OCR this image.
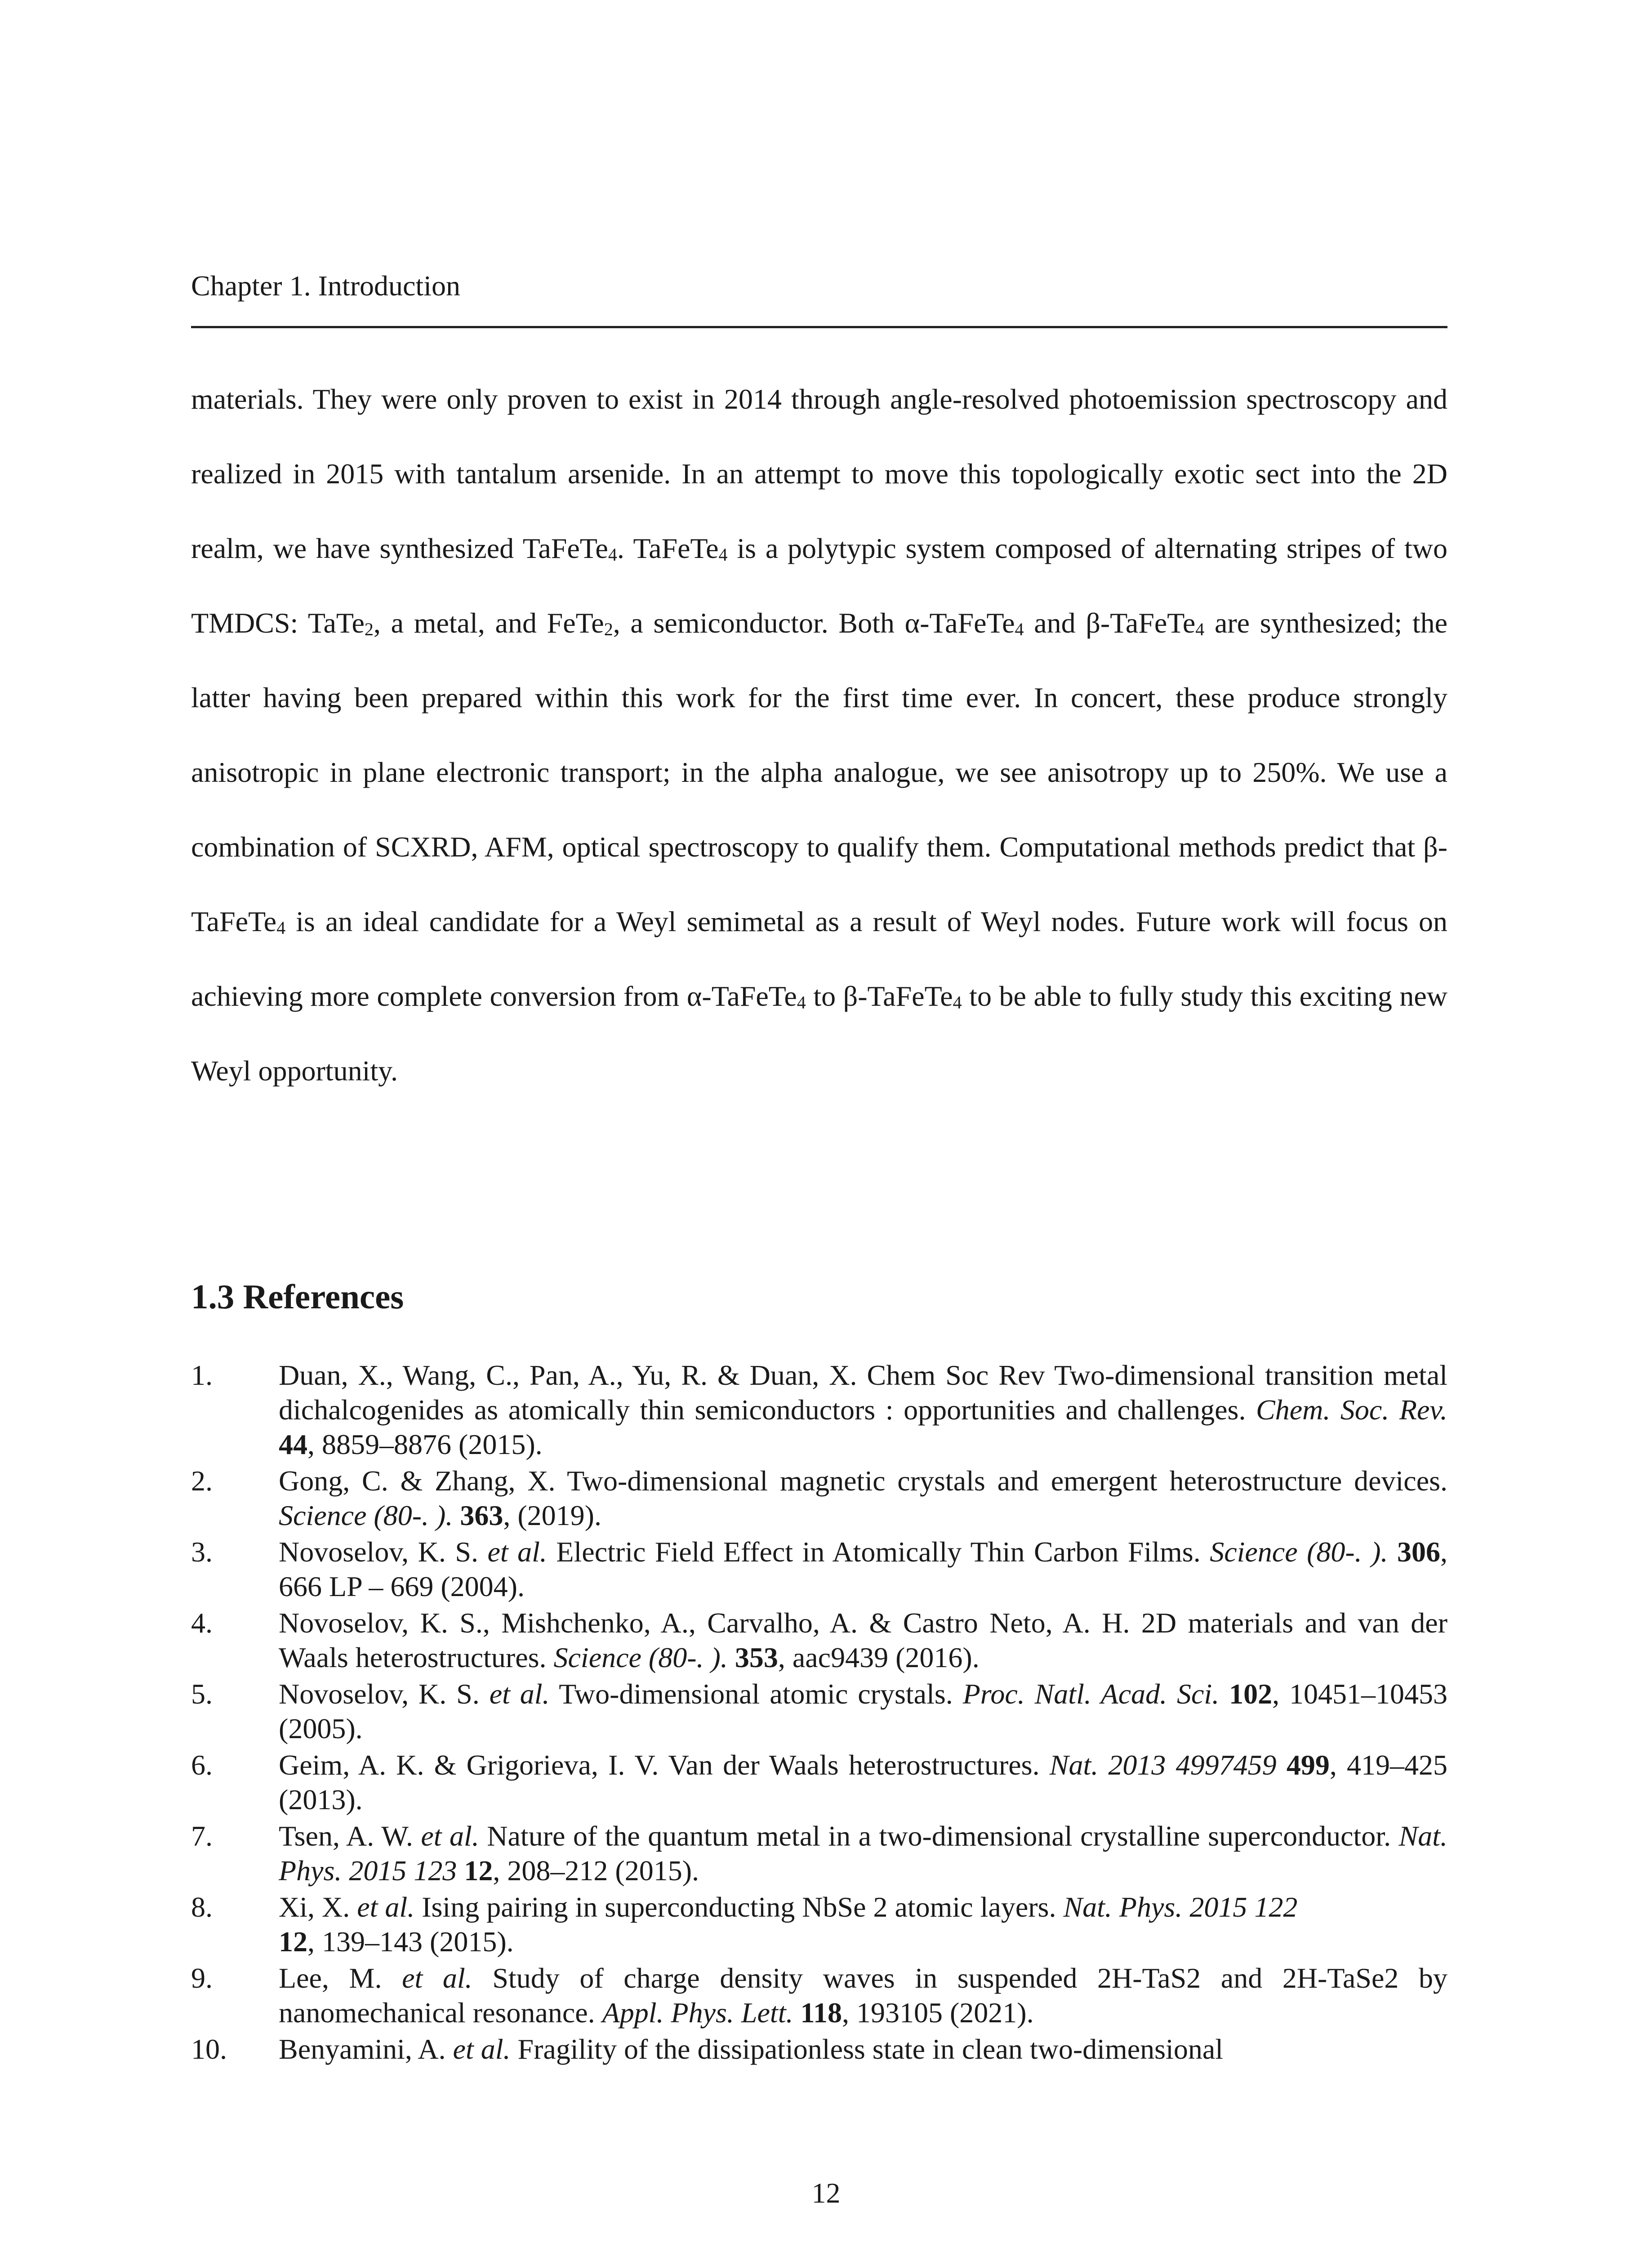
Chapter 1. Introduction

materials. They were only proven to exist in 2014 through angle-resolved photoemission spectroscopy and realized in 2015 with tantalum arsenide. In an attempt to move this topologically exotic sect into the 2D realm, we have synthesized TaFeTe$_4$. TaFeTe$_4$ is a polytypic system composed of alternating stripes of two TMDCS: TaTe$_2$, a metal, and FeTe$_2$, a semiconductor. Both α-TaFeTe$_4$ and β-TaFeTe$_4$ are synthesized; the latter having been prepared within this work for the first time ever. In concert, these produce strongly anisotropic in plane electronic transport; in the alpha analogue, we see anisotropy up to 250%. We use a combination of SCXRD, AFM, optical spectroscopy to qualify them. Computational methods predict that β-TaFeTe$_4$ is an ideal candidate for a Weyl semimetal as a result of Weyl nodes. Future work will focus on achieving more complete conversion from α-TaFeTe$_4$ to β-TaFeTe$_4$ to be able to fully study this exciting new Weyl opportunity.

1.3 References
1. Duan, X., Wang, C., Pan, A., Yu, R. & Duan, X. Chem Soc Rev Two-dimensional transition metal dichalcogenides as atomically thin semiconductors : opportunities and challenges. Chem. Soc. Rev. 44, 8859–8876 (2015).
2. Gong, C. & Zhang, X. Two-dimensional magnetic crystals and emergent heterostructure devices. Science (80-. ). 363, (2019).
3. Novoselov, K. S. et al. Electric Field Effect in Atomically Thin Carbon Films. Science (80-. ). 306, 666 LP – 669 (2004).
4. Novoselov, K. S., Mishchenko, A., Carvalho, A. & Castro Neto, A. H. 2D materials and van der Waals heterostructures. Science (80-. ). 353, aac9439 (2016).
5. Novoselov, K. S. et al. Two-dimensional atomic crystals. Proc. Natl. Acad. Sci. 102, 10451–10453 (2005).
6. Geim, A. K. & Grigorieva, I. V. Van der Waals heterostructures. Nat. 2013 4997459 499, 419–425 (2013).
7. Tsen, A. W. et al. Nature of the quantum metal in a two-dimensional crystalline superconductor. Nat. Phys. 2015 123 12, 208–212 (2015).
8. Xi, X. et al. Ising pairing in superconducting NbSe 2 atomic layers. Nat. Phys. 2015 122
12, 139–143 (2015).
9. Lee, M. et al. Study of charge density waves in suspended 2H-TaS2 and 2H-TaSe2 by nanomechanical resonance. Appl. Phys. Lett. 118, 193105 (2021).
10. Benyamini, A. et al. Fragility of the dissipationless state in clean two-dimensional
12
